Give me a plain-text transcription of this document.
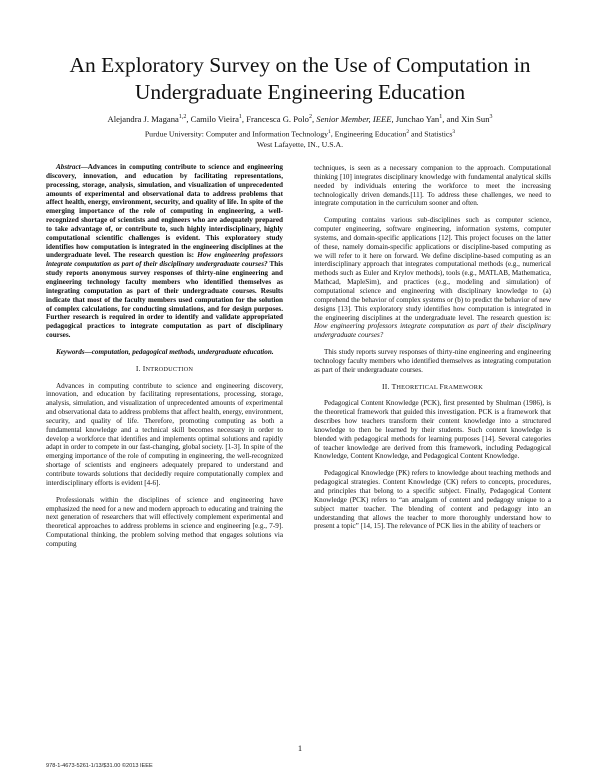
An Exploratory Survey on the Use of Computation in
Undergraduate Engineering Education
Alejandra J. Magana$^{1,2}$, Camilo Vieira$^1$, Francesca G. Polo$^2$, Senior Member, IEEE, Junchao Yan$^1$, and Xin Sun$^3$
Purdue University: Computer and Information Technology$^1$, Engineering Education$^2$ and Statistics$^3$
West Lafayette, IN., U.S.A.

Abstract—Advances in computing contribute to science and engineering discovery, innovation, and education by facilitating representations, processing, storage, analysis, simulation, and visualization of unprecedented amounts of experimental and observational data to address problems that affect health, energy, environment, security, and quality of life. In spite of the emerging importance of the role of computing in engineering, a well-recognized shortage of scientists and engineers who are adequately prepared to take advantage of, or contribute to, such highly interdisciplinary, highly computational scientific challenges is evident. This exploratory study identifies how computation is integrated in the engineering disciplines at the undergraduate level. The research question is: How engineering professors integrate computation as part of their disciplinary undergraduate courses? This study reports anonymous survey responses of thirty-nine engineering and engineering technology faculty members who identified themselves as integrating computation as part of their undergraduate courses. Results indicate that most of the faculty members used computation for the solution of complex calculations, for conducting simulations, and for design purposes. Further research is required in order to identify and validate appropriated pedagogical practices to integrate computation as part of disciplinary courses.

Keywords—computation, pedagogical methods, undergraduate education.

I. INTRODUCTION

Advances in computing contribute to science and engineering discovery, innovation, and education by facilitating representations, processing, storage, analysis, simulation, and visualization of unprecedented amounts of experimental and observational data to address problems that affect health, energy, environment, security, and quality of life. Therefore, promoting computing as both a fundamental knowledge and a technical skill becomes necessary in order to develop a workforce that identifies and implements optimal solutions and rapidly adapt in order to compete in our fast-changing, global society. [1-3]. In spite of the emerging importance of the role of computing in engineering, the well-recognized shortage of scientists and engineers adequately prepared to understand and contribute towards solutions that decidedly require computationally complex and interdisciplinary efforts is evident [4-6].

Professionals within the disciplines of science and engineering have emphasized the need for a new and modern approach to educating and training the next generation of researchers that will effectively complement experimental and theoretical approaches to address problems in science and engineering [e.g., 7-9]. Computational thinking, the problem solving method that engages solutions via computing

techniques, is seen as a necessary companion to the approach. Computational thinking [10] integrates disciplinary knowledge with fundamental analytical skills needed by individuals entering the workforce to meet the increasing technologically driven demands.[11]. To address these challenges, we need to integrate computation in the curriculum sooner and often.

Computing contains various sub-disciplines such as computer science, computer engineering, software engineering, information systems, computer systems, and domain-specific applications [12]. This project focuses on the latter of these, namely domain-specific applications or discipline-based computing as we will refer to it here on forward. We define discipline-based computing as an interdisciplinary approach that integrates computational methods (e.g., numerical methods such as Euler and Krylov methods), tools (e.g., MATLAB, Mathematica, Mathcad, MapleSim), and practices (e.g., modeling and simulation) of computational science and engineering with disciplinary knowledge to (a) comprehend the behavior of complex systems or (b) to predict the behavior of new designs [13]. This exploratory study identifies how computation is integrated in the engineering disciplines at the undergraduate level. The research question is: How engineering professors integrate computation as part of their disciplinary undergraduate courses?

This study reports survey responses of thirty-nine engineering and engineering technology faculty members who identified themselves as integrating computation as part of their undergraduate courses.

II. THEORETICAL FRAMEWORK

Pedagogical Content Knowledge (PCK), first presented by Shulman (1986), is the theoretical framework that guided this investigation. PCK is a framework that describes how teachers transform their content knowledge into a structured knowledge to then be learned by their students. Such content knowledge is blended with pedagogical methods for learning purposes [14]. Several categories of teacher knowledge are derived from this framework, including Pedagogical Knowledge, Content Knowledge, and Pedagogical Content Knowledge.

Pedagogical Knowledge (PK) refers to knowledge about teaching methods and pedagogical strategies. Content Knowledge (CK) refers to concepts, procedures, and principles that belong to a specific subject. Finally, Pedagogical Content Knowledge (PCK) refers to “an amalgam of content and pedagogy unique to a subject matter teacher. The blending of content and pedagogy into an understanding that allows the teacher to more thoroughly understand how to present a topic” [14, 15]. The relevance of PCK lies in the ability of teachers or

1
978-1-4673-5261-1/13/$31.00 ©2013 IEEE
